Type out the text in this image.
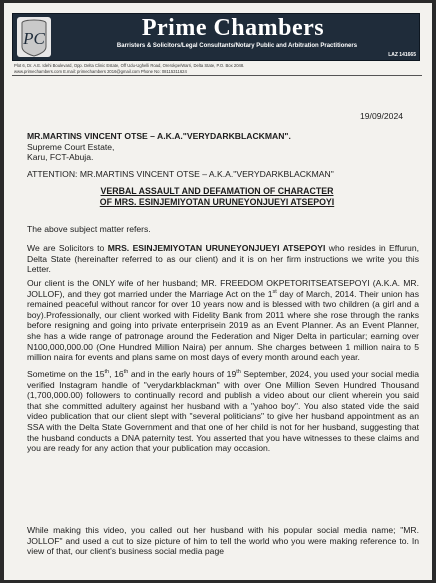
PC	Prime Chambers
Barristers & Solicitors/Legal Consultants/Notary Public and Arbitration Practitioners
LAZ 141665
Plot 6, Dr. A.E. Idehi Boulevard, Opp. Delta Clinic Estate, Off Udu-Ughelli Road, Orerokpe/Warri, Delta State, P.O. Box 2048.
www.primechambers.com E.mail: primechambers 2016@gmail.com Phone No: 08115311624
19/09/2024
MR.MARTINS VINCENT OTSE – A.K.A."VERYDARKBLACKMAN".
Supreme Court Estate,
Karu, FCT-Abuja.
ATTENTION: MR.MARTINS VINCENT OTSE – A.K.A."VERYDARKBLACKMAN"
VERBAL ASSAULT AND DEFAMATION OF CHARACTER
OF MRS. ESINJEMIYOTAN URUNEYONJUEYI ATSEPOYI
The above subject matter refers.
We are Solicitors to MRS. ESINJEMIYOTAN URUNEYONJUEYI ATSEPOYI who resides in Effurun, Delta State (hereinafter referred to as our client) and it is on her firm instructions we write you this Letter.
Our client is the ONLY wife of her husband; MR. FREEDOM OKPETORITSEATSEPOYI (A.K.A. MR. JOLLOF), and they got married under the Marriage Act on the 1st day of March, 2014. Their union has remained peaceful without rancor for over 10 years now and is blessed with two children (a girl and a boy).Professionally, our client worked with Fidelity Bank from 2011 where she rose through the ranks before resigning and going into private enterprisein 2019 as an Event Planner. As an Event Planner, she has a wide range of patronage around the Federation and Niger Delta in particular; earning over N100,000,000.00 (One Hundred Million Naira) per annum. She charges between 1 million naira to 5 million naira for events and plans same on most days of every month around each year.
Sometime on the 15th, 16th and in the early hours of 19th September, 2024, you used your social media verified Instagram handle of "verydarkblackman" with over One Million Seven Hundred Thousand (1,700,000.00) followers to continually record and publish a video about our client wherein you said that she committed adultery against her husband with a "yahoo boy". You also stated vide the said video publication that our client slept with "several politicians" to give her husband appointment as an SSA with the Delta State Government and that one of her child is not for her husband, suggesting that the husband conducts a DNA paternity test. You asserted that you have witnesses to these claims and you are ready for any action that your publication may occasion.
While making this video, you called out her husband with his popular social media name; "MR. JOLLOF" and used a cut to size picture of him to tell the world who you were making reference to. In view of that, our client's business social media page
